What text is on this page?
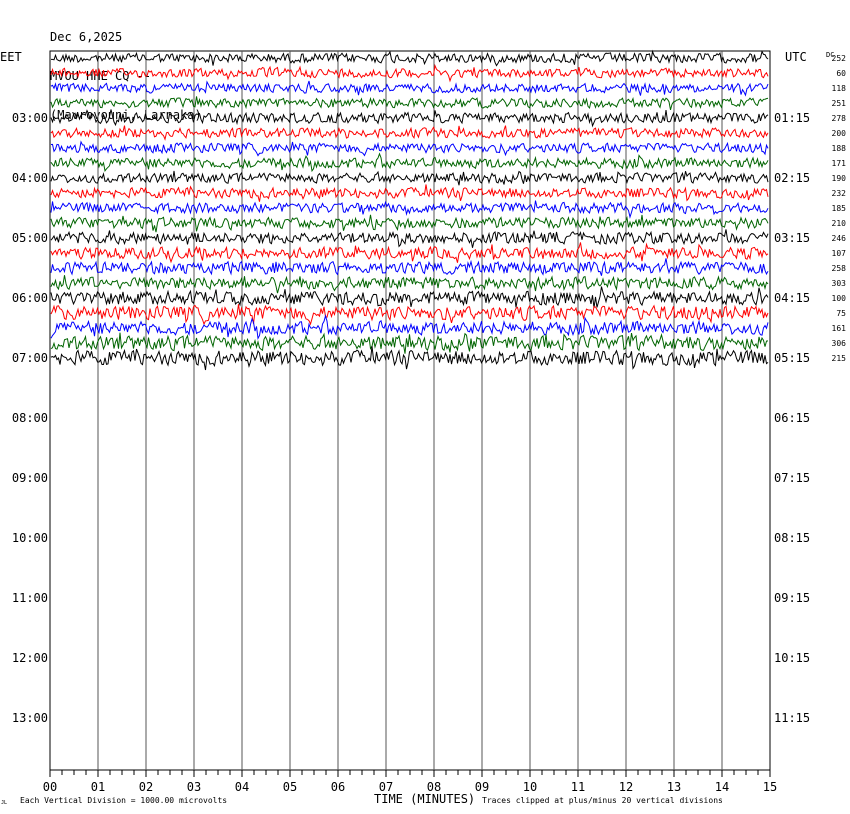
Dec 6,2025

MVOU HHE CQ --

(Mavrovouni, Larnaka)

EET	UTC	DC
TIME (MINUTES)
Each Vertical Division = 1000.00 microvolts	Traces clipped at plus/minus 20 vertical divisions
JL
00	01	02	03	04	05	06	07	08	09	10	11	12	13	14	15
03:00
04:00
05:00
06:00
07:00
08:00
09:00
10:00
11:00
12:00
13:00
01:15
02:15
03:15
04:15
05:15
06:15
07:15
08:15
09:15
10:15
11:15
252
60
118
251
278
200
188
171
190
232
185
210
246
107
258
303
100
75
161
306
215
